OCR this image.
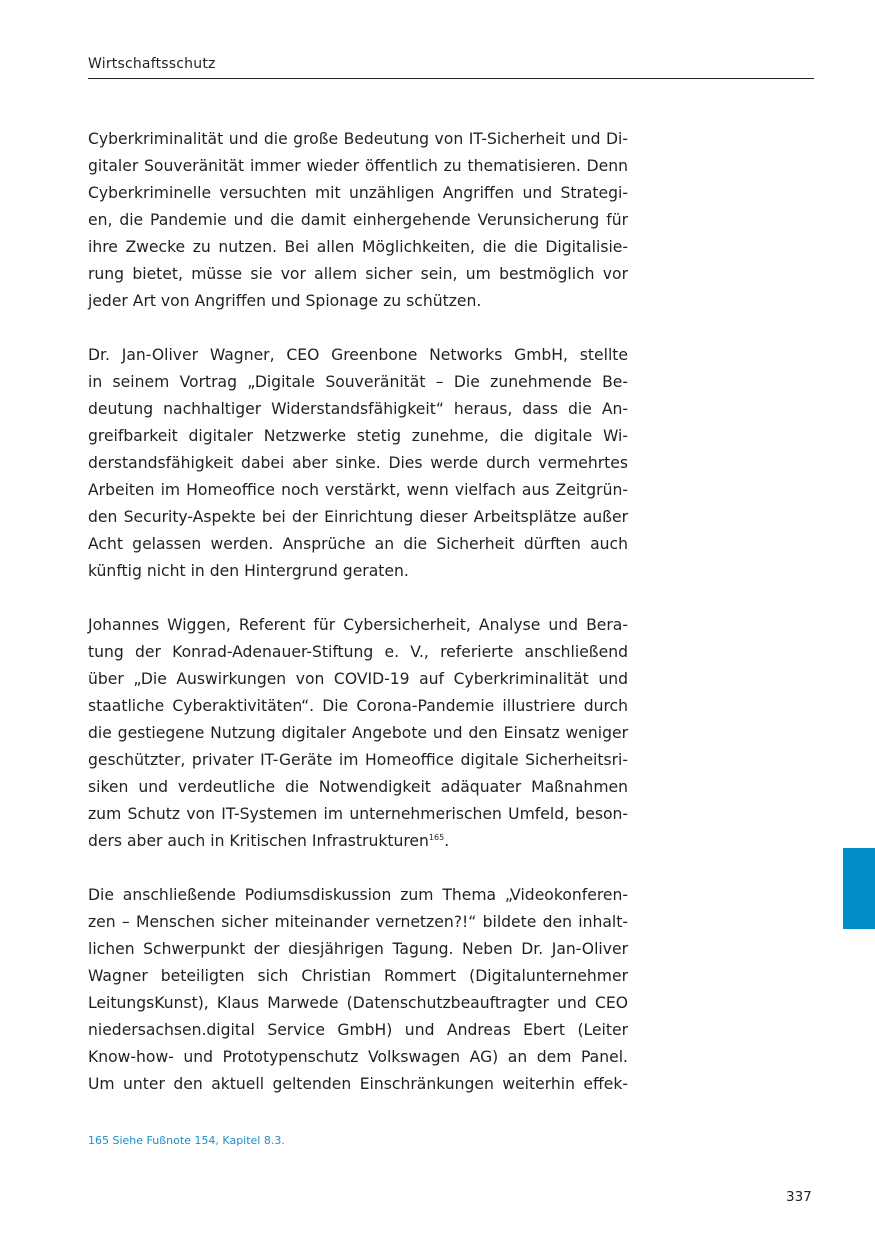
Wirtschaftsschutz

Cyberkriminalität und die große Bedeutung von IT-Sicherheit und Di-
gitaler Souveränität immer wieder öffentlich zu thematisieren. Denn
Cyberkriminelle versuchten mit unzähligen Angriffen und Strategi-
en, die Pandemie und die damit einhergehende Verunsicherung für
ihre Zwecke zu nutzen. Bei allen Möglichkeiten, die die Digitalisie-
rung bietet, müsse sie vor allem sicher sein, um bestmöglich vor
jeder Art von Angriffen und Spionage zu schützen.

Dr. Jan-Oliver Wagner, CEO Greenbone Networks GmbH, stellte
in seinem Vortrag „Digitale Souveränität – Die zunehmende Be-
deutung nachhaltiger Widerstandsfähigkeit“ heraus, dass die An-
greifbarkeit digitaler Netzwerke stetig zunehme, die digitale Wi-
derstandsfähigkeit dabei aber sinke. Dies werde durch vermehrtes
Arbeiten im Homeoffice noch verstärkt, wenn vielfach aus Zeitgrün-
den Security-Aspekte bei der Einrichtung dieser Arbeitsplätze außer
Acht gelassen werden. Ansprüche an die Sicherheit dürften auch
künftig nicht in den Hintergrund geraten.

Johannes Wiggen, Referent für Cybersicherheit, Analyse und Bera-
tung der Konrad-Adenauer-Stiftung e. V., referierte anschließend
über „Die Auswirkungen von COVID-19 auf Cyberkriminalität und
staatliche Cyberaktivitäten“. Die Corona-Pandemie illustriere durch
die gestiegene Nutzung digitaler Angebote und den Einsatz weniger
geschützter, privater IT-Geräte im Homeoffice digitale Sicherheitsri-
siken und verdeutliche die Notwendigkeit adäquater Maßnahmen
zum Schutz von IT-Systemen im unternehmerischen Umfeld, beson-
ders aber auch in Kritischen Infrastrukturen$^{165}$.

Die anschließende Podiumsdiskussion zum Thema „Videokonferen-
zen – Menschen sicher miteinander vernetzen?!“ bildete den inhalt-
lichen Schwerpunkt der diesjährigen Tagung. Neben Dr. Jan-Oliver
Wagner beteiligten sich Christian Rommert (Digitalunternehmer
LeitungsKunst), Klaus Marwede (Datenschutzbeauftragter und CEO
niedersachsen.digital Service GmbH) und Andreas Ebert (Leiter
Know-how- und Prototypenschutz Volkswagen AG) an dem Panel.
Um unter den aktuell geltenden Einschränkungen weiterhin effek-

165 Siehe Fußnote 154, Kapitel 8.3.
337
